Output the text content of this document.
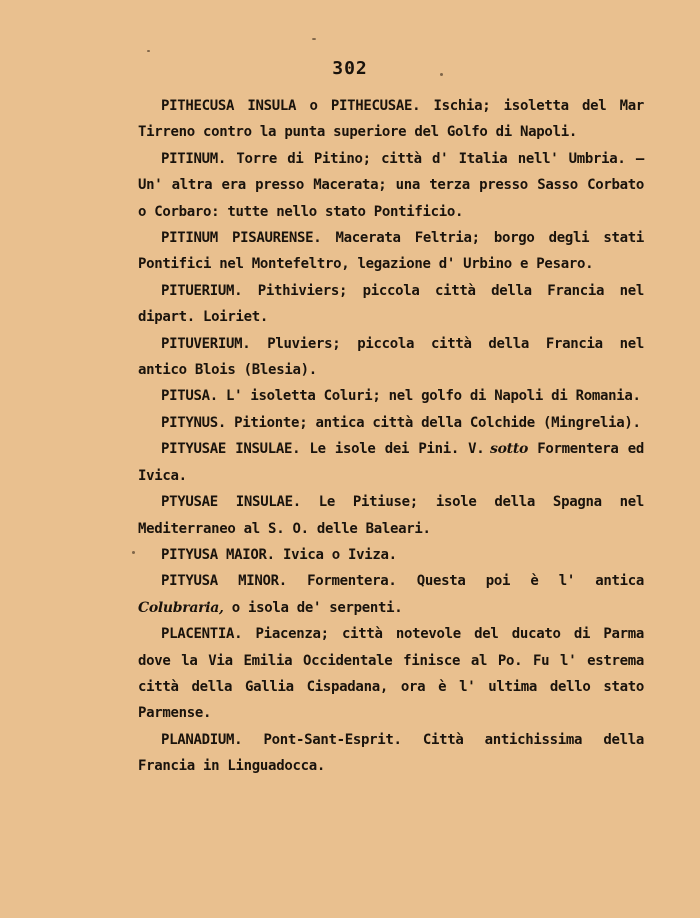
302

PITHECUSA INSULA o PITHECUSAE. Ischia; isoletta del Mar Tirreno contro la punta superiore del Golfo di Napoli.

PITINUM. Torre di Pitino; città d' Italia nell' Umbria. — Un' altra era presso Macerata; una terza presso Sasso Corbato o Corbaro: tutte nello stato Pontificio.

PITINUM PISAURENSE. Macerata Feltria; borgo degli stati Pontifici nel Montefeltro, legazione d' Urbino e Pesaro.

PITUERIUM. Pithiviers; piccola città della Francia nel dipart. Loiriet.

PITUVERIUM. Pluviers; piccola città della Francia nel antico Blois (Blesia).

PITUSA. L' isoletta Coluri; nel golfo di Napoli di Romania.

PITYNUS. Pitionte; antica città della Colchide (Mingrelia).

PITYUSAE INSULAE. Le isole dei Pini. V. sotto Formentera ed Ivica.

PTYUSAE INSULAE. Le Pitiuse; isole della Spagna nel Mediterraneo al S. O. delle Baleari.

PITYUSA MAIOR. Ivica o Iviza.

PITYUSA MINOR. Formentera. Questa poi è l' antica Colubraria, o isola de' serpenti.

PLACENTIA. Piacenza; città notevole del ducato di Parma dove la Via Emilia Occidentale finisce al Po. Fu l' estrema città della Gallia Cispadana, ora è l' ultima dello stato Parmense.

PLANADIUM. Pont-Sant-Esprit. Città antichissima della Francia in Linguadocca.
